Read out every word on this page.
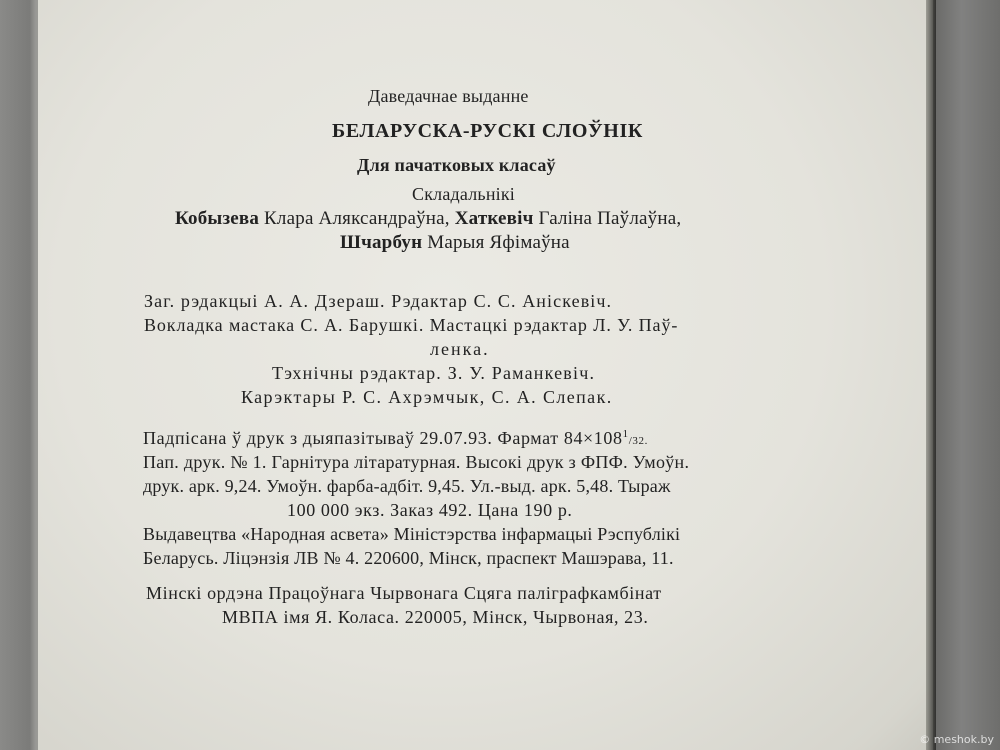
Даведачнае выданне
БЕЛАРУСКА-РУСКІ СЛОЎНІК
Для пачатковых класаў
Складальнікі
Кобызева Клара Аляксандраўна, Хаткевіч Галіна Паўлаўна,
Шчарбун Марыя Яфімаўна
Заг. рэдакцыі А. А. Дзераш. Рэдактар С. С. Анiскевiч.
Вокладка мастака С. А. Барушкі. Мастацкі рэдактар Л. У. Паў-
ленка.
Тэхнічны рэдактар. З. У. Раманкевiч.
Карэктары Р. С. Ахрэмчык, С. А. Слепак.
Падпісана ў друк з дыяпазітываў 29.07.93. Фармат $84\times 108^1/32$.
Пап. друк. № 1. Гарнітура літаратурная. Высокі друк з ФПФ. Умоўн.
друк. арк. 9,24. Умоўн. фарба-адбіт. 9,45. Ул.-выд. арк. 5,48. Тыраж
100 000 экз. Заказ 492. Цана 190 р.
Выдавецтва «Народная асвета» Міністэрства інфармацыі Рэспублікі
Беларусь. Ліцэнзія ЛВ № 4. 220600, Мінск, праспект Машэрава, 11.
Мінскі ордэна Працоўнага Чырвонага Сцяга паліграфкамбінат
МВПА імя Я. Коласа. 220005, Мінск, Чырвоная, 23.
© meshok.by
